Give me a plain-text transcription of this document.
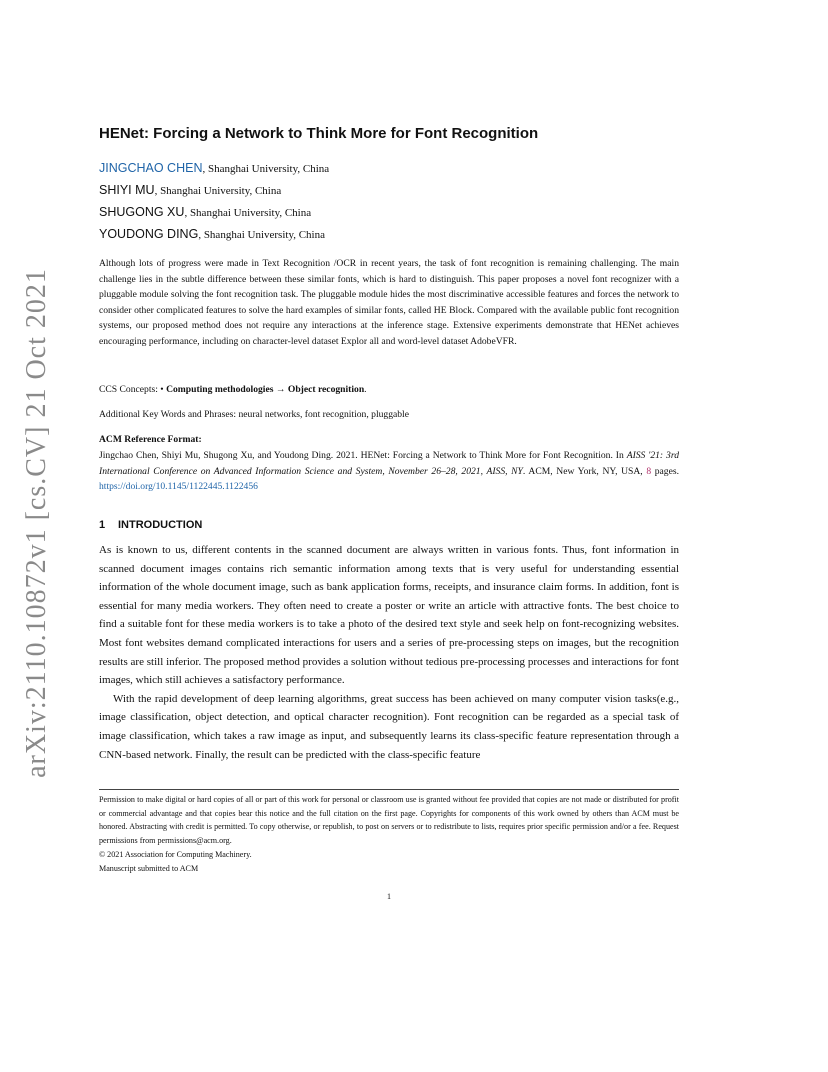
arXiv:2110.10872v1 [cs.CV] 21 Oct 2021
HENet: Forcing a Network to Think More for Font Recognition
JINGCHAO CHEN, Shanghai University, China
SHIYI MU, Shanghai University, China
SHUGONG XU, Shanghai University, China
YOUDONG DING, Shanghai University, China
Although lots of progress were made in Text Recognition /OCR in recent years, the task of font recognition is remaining challenging. The main challenge lies in the subtle difference between these similar fonts, which is hard to distinguish. This paper proposes a novel font recognizer with a pluggable module solving the font recognition task. The pluggable module hides the most discriminative accessible features and forces the network to consider other complicated features to solve the hard examples of similar fonts, called HE Block. Compared with the available public font recognition systems, our proposed method does not require any interactions at the inference stage. Extensive experiments demonstrate that HENet achieves encouraging performance, including on character-level dataset Explor all and word-level dataset AdobeVFR.
CCS Concepts: • Computing methodologies → Object recognition.
Additional Key Words and Phrases: neural networks, font recognition, pluggable
ACM Reference Format:
Jingchao Chen, Shiyi Mu, Shugong Xu, and Youdong Ding. 2021. HENet: Forcing a Network to Think More for Font Recognition. In AISS '21: 3rd International Conference on Advanced Information Science and System, November 26–28, 2021, AISS, NY. ACM, New York, NY, USA, 8 pages. https://doi.org/10.1145/1122445.1122456
1 INTRODUCTION

As is known to us, different contents in the scanned document are always written in various fonts. Thus, font information in scanned document images contains rich semantic information among texts that is very useful for understanding essential information of the whole document image, such as bank application forms, receipts, and insurance claim forms. In addition, font is essential for many media workers. They often need to create a poster or write an article with attractive fonts. The best choice to find a suitable font for these media workers is to take a photo of the desired text style and seek help on font-recognizing websites. Most font websites demand complicated interactions for users and a series of pre-processing steps on images, but the recognition results are still inferior. The proposed method provides a solution without tedious pre-processing processes and interactions for font images, which still achieves a satisfactory performance.

With the rapid development of deep learning algorithms, great success has been achieved on many computer vision tasks(e.g., image classification, object detection, and optical character recognition). Font recognition can be regarded as a special task of image classification, which takes a raw image as input, and subsequently learns its class-specific feature representation through a CNN-based network. Finally, the result can be predicted with the class-specific feature

Permission to make digital or hard copies of all or part of this work for personal or classroom use is granted without fee provided that copies are not made or distributed for profit or commercial advantage and that copies bear this notice and the full citation on the first page. Copyrights for components of this work owned by others than ACM must be honored. Abstracting with credit is permitted. To copy otherwise, or republish, to post on servers or to redistribute to lists, requires prior specific permission and/or a fee. Request permissions from permissions@acm.org.

© 2021 Association for Computing Machinery.

Manuscript submitted to ACM

1
